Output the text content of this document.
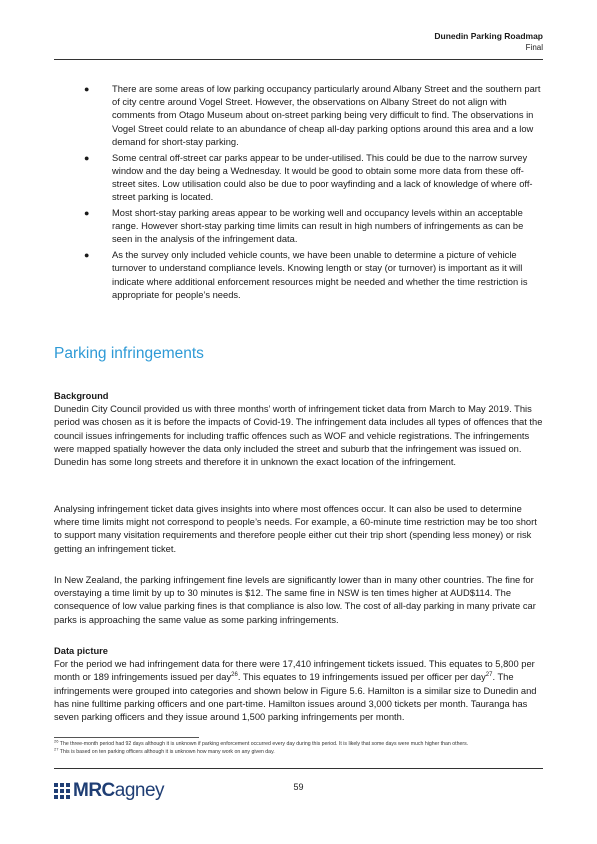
Dunedin Parking Roadmap
Final
● There are some areas of low parking occupancy particularly around Albany Street and the southern part of city centre around Vogel Street. However, the observations on Albany Street do not align with comments from Otago Museum about on-street parking being very difficult to find. The observations in Vogel Street could relate to an abundance of cheap all-day parking options around this area and a low demand for short-stay parking.
● Some central off-street car parks appear to be under-utilised. This could be due to the narrow survey window and the day being a Wednesday. It would be good to obtain some more data from these off-street sites. Low utilisation could also be due to poor wayfinding and a lack of knowledge of where off-street parking is located.
● Most short-stay parking areas appear to be working well and occupancy levels within an acceptable range. However short-stay parking time limits can result in high numbers of infringements as can be seen in the analysis of the infringement data.
● As the survey only included vehicle counts, we have been unable to determine a picture of vehicle turnover to understand compliance levels. Knowing length or stay (or turnover) is important as it will indicate where additional enforcement resources might be needed and whether the time restriction is appropriate for people’s needs.
Parking infringements

Background

Dunedin City Council provided us with three months’ worth of infringement ticket data from March to May 2019. This period was chosen as it is before the impacts of Covid-19. The infringement data includes all types of offences that the council issues infringements for including traffic offences such as WOF and vehicle registrations. The infringements were mapped spatially however the data only included the street and suburb that the infringement was issued on. Dunedin has some long streets and therefore it in unknown the exact location of the infringement.

Analysing infringement ticket data gives insights into where most offences occur. It can also be used to determine where time limits might not correspond to people’s needs. For example, a 60-minute time restriction may be too short to support many visitation requirements and therefore people either cut their trip short (spending less money) or risk getting an infringement ticket.

In New Zealand, the parking infringement fine levels are significantly lower than in many other countries. The fine for overstaying a time limit by up to 30 minutes is $12. The same fine in NSW is ten times higher at AUD$114. The consequence of low value parking fines is that compliance is also low. The cost of all-day parking in many private car parks is approaching the same value as some parking infringements.

Data picture

For the period we had infringement data for there were 17,410 infringement tickets issued. This equates to 5,800 per month or 189 infringements issued per day$^{26}$. This equates to 19 infringements issued per officer per day$^{27}$. The infringements were grouped into categories and shown below in Figure 5.6. Hamilton is a similar size to Dunedin and has nine fulltime parking officers and one part-time. Hamilton issues around 3,000 tickets per month. Tauranga has seven parking officers and they issue around 1,500 parking infringements per month.

$^{26}$ The three-month period had 92 days although it is unknown if parking enforcement occurred every day during this period. It is likely that some days were much higher than others.

$^{27}$ This is based on ten parking officers although it is unknown how many work on any given day.

MRCagney	59
